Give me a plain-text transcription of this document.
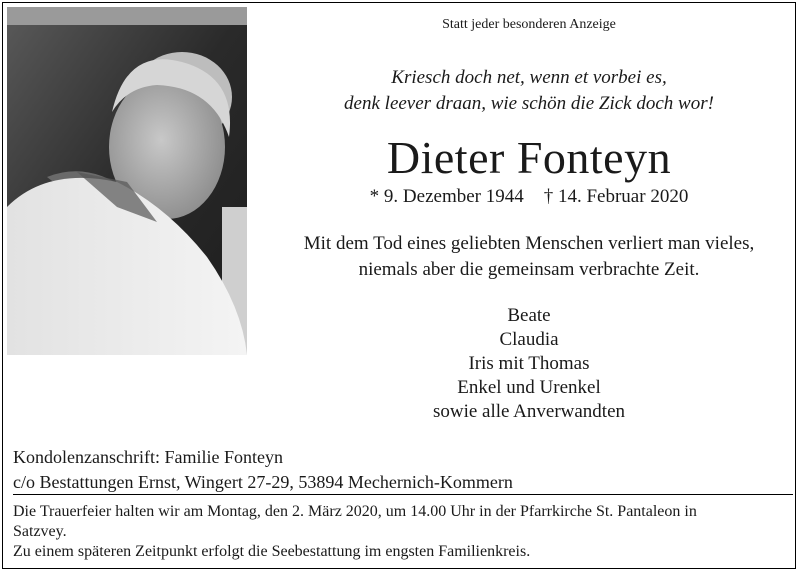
Statt jeder besonderen Anzeige
Kriesch doch net, wenn et vorbei es,
denk leever draan, wie schön die Zick doch wor!
Dieter Fonteyn
* 9. Dezember 1944 † 14. Februar 2020
Mit dem Tod eines geliebten Menschen verliert man vieles,
niemals aber die gemeinsam verbrachte Zeit.
Beate
Claudia
Iris mit Thomas
Enkel und Urenkel
sowie alle Anverwandten
Kondolenzanschrift: Familie Fonteyn
c/o Bestattungen Ernst, Wingert 27-29, 53894 Mechernich-Kommern
Die Trauerfeier halten wir am Montag, den 2. März 2020, um 14.00 Uhr in der Pfarrkirche St. Pantaleon in
Satzvey.
Zu einem späteren Zeitpunkt erfolgt die Seebestattung im engsten Familienkreis.
